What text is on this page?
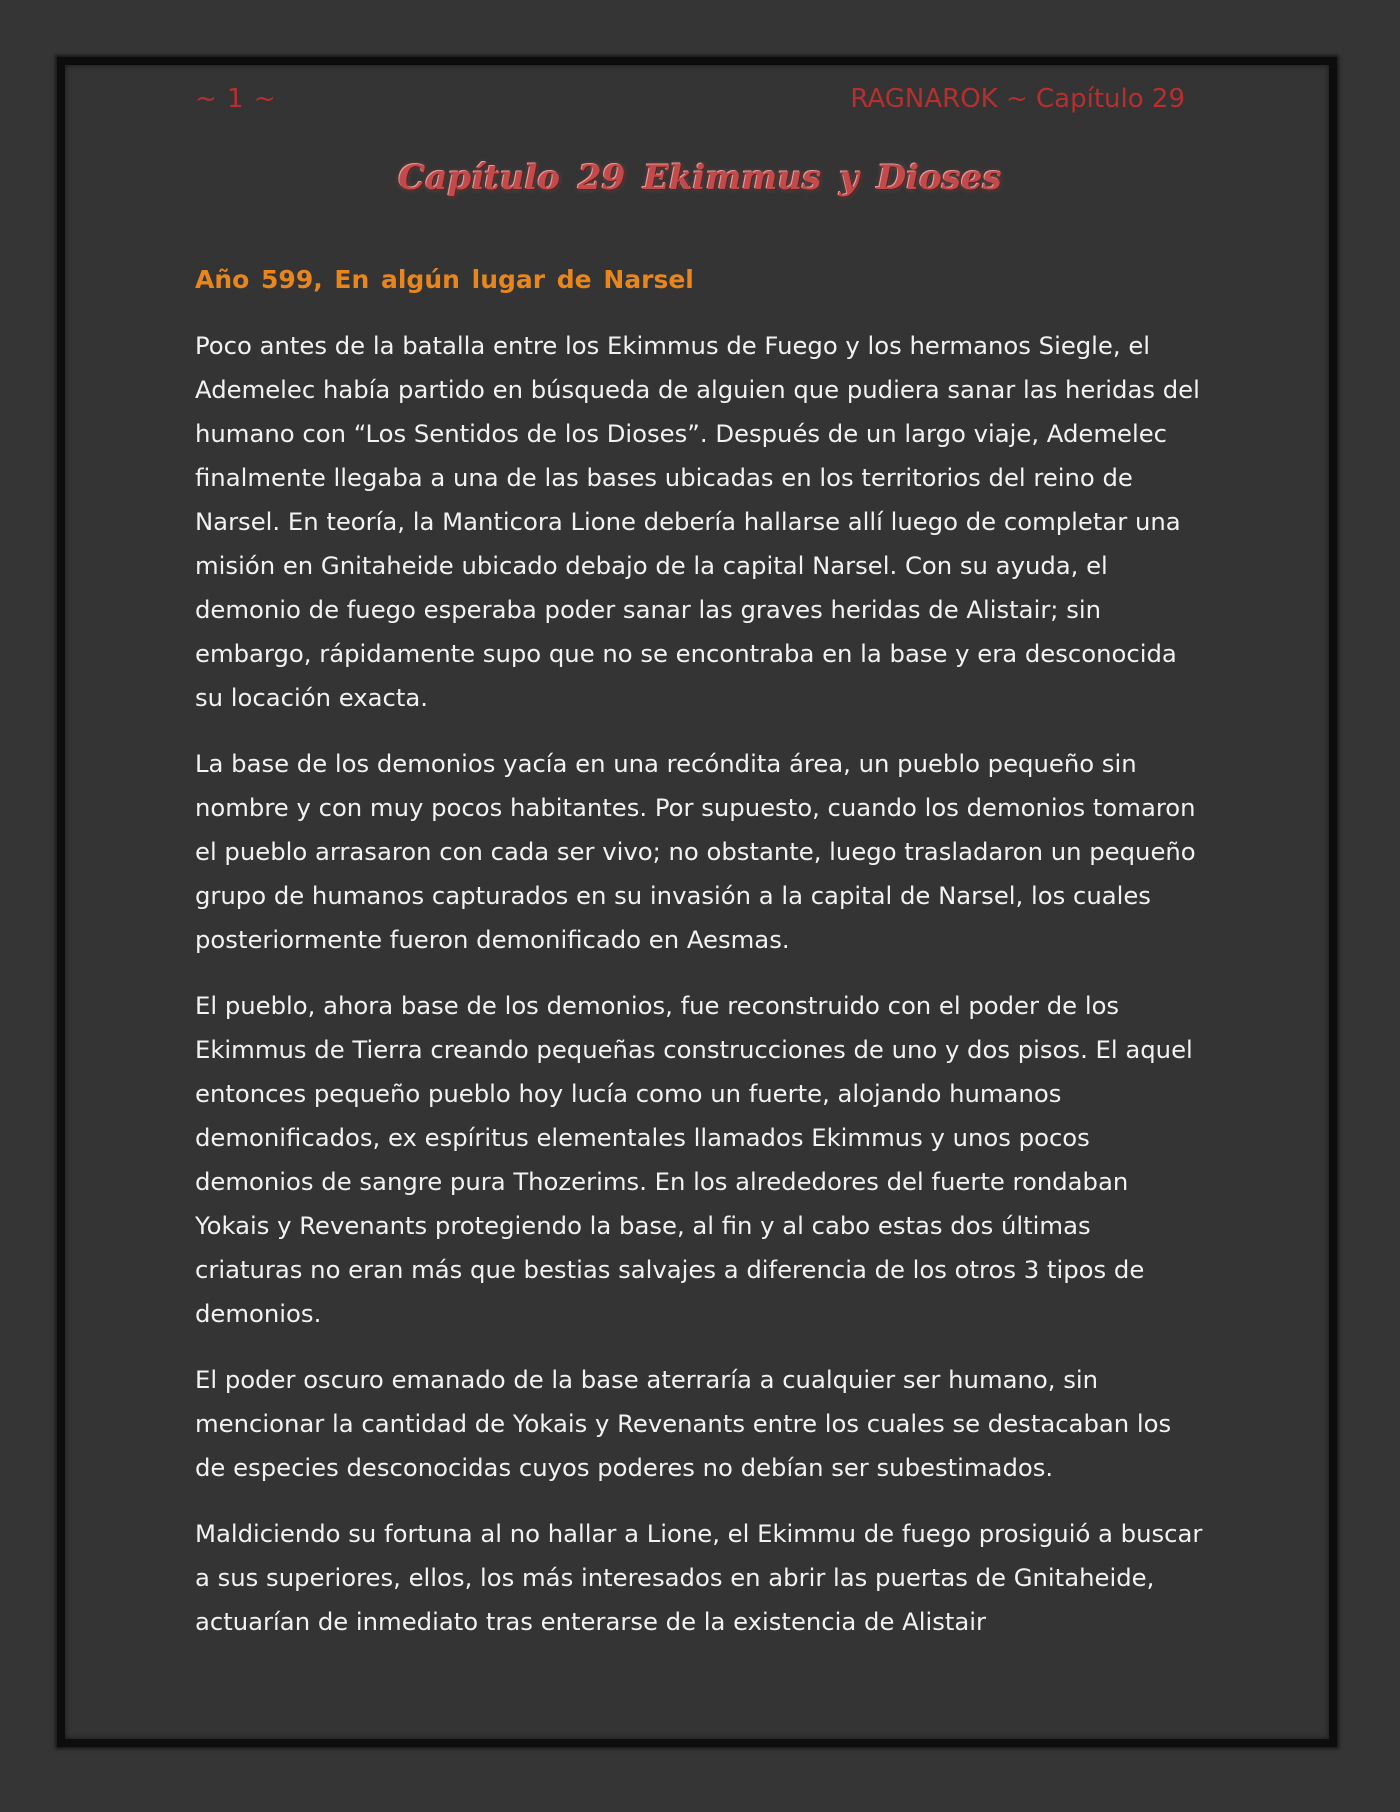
~ 1 ~	RAGNAROK ~ Capítulo 29
Capítulo 29 Ekimmus y Dioses

Año 599, En algún lugar de Narsel

Poco antes de la batalla entre los Ekimmus de Fuego y los hermanos Siegle, el Ademelec había partido en búsqueda de alguien que pudiera sanar las heridas del humano con “Los Sentidos de los Dioses”. Después de un largo viaje, Ademelec finalmente llegaba a una de las bases ubicadas en los territorios del reino de Narsel. En teoría, la Manticora Lione debería hallarse allí luego de completar una misión en Gnitaheide ubicado debajo de la capital Narsel. Con su ayuda, el demonio de fuego esperaba poder sanar las graves heridas de Alistair; sin embargo, rápidamente supo que no se encontraba en la base y era desconocida su locación exacta.

La base de los demonios yacía en una recóndita área, un pueblo pequeño sin nombre y con muy pocos habitantes. Por supuesto, cuando los demonios tomaron el pueblo arrasaron con cada ser vivo; no obstante, luego trasladaron un pequeño grupo de humanos capturados en su invasión a la capital de Narsel, los cuales posteriormente fueron demonificado en Aesmas.

El pueblo, ahora base de los demonios, fue reconstruido con el poder de los Ekimmus de Tierra creando pequeñas construcciones de uno y dos pisos. El aquel entonces pequeño pueblo hoy lucía como un fuerte, alojando humanos demonificados, ex espíritus elementales llamados Ekimmus y unos pocos demonios de sangre pura Thozerims. En los alrededores del fuerte rondaban Yokais y Revenants protegiendo la base, al fin y al cabo estas dos últimas criaturas no eran más que bestias salvajes a diferencia de los otros 3 tipos de demonios.

El poder oscuro emanado de la base aterraría a cualquier ser humano, sin mencionar la cantidad de Yokais y Revenants entre los cuales se destacaban los de especies desconocidas cuyos poderes no debían ser subestimados.

Maldiciendo su fortuna al no hallar a Lione, el Ekimmu de fuego prosiguió a buscar a sus superiores, ellos, los más interesados en abrir las puertas de Gnitaheide, actuarían de inmediato tras enterarse de la existencia de Alistair
